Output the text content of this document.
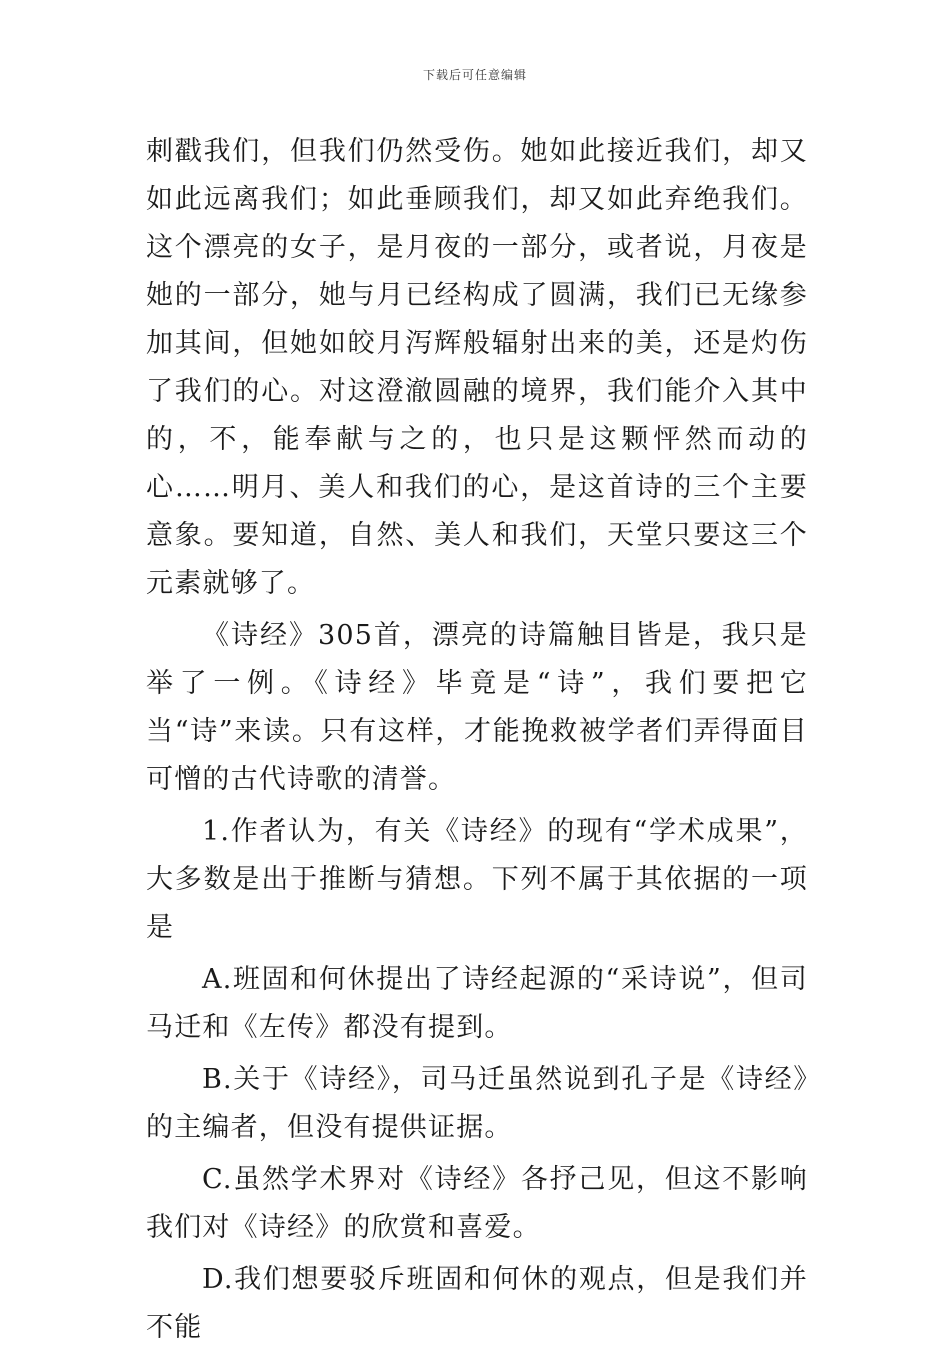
下载后可任意编辑

刺戳我们，但我们仍然受伤。她如此接近我们，却又如此远离我们；如此垂顾我们，却又如此弃绝我们。这个漂亮的女子，是月夜的一部分，或者说，月夜是她的一部分，她与月已经构成了圆满，我们已无缘参加其间，但她如皎月泻辉般辐射出来的美，还是灼伤了我们的心。对这澄澈圆融的境界，我们能介入其中的，不，能奉献与之的，也只是这颗怦然而动的心……明月、美人和我们的心，是这首诗的三个主要意象。要知道，自然、美人和我们，天堂只要这三个元素就够了。

《诗经》305首，漂亮的诗篇触目皆是，我只是举了一例。《诗经》毕竟是“诗”，我们要把它当“诗”来读。只有这样，才能挽救被学者们弄得面目可憎的古代诗歌的清誉。

1.作者认为，有关《诗经》的现有“学术成果”，大多数是出于推断与猜想。下列不属于其依据的一项是

A.班固和何休提出了诗经起源的“采诗说”，但司马迁和《左传》都没有提到。

B.关于《诗经》，司马迁虽然说到孔子是《诗经》的主编者，但没有提供证据。

C.虽然学术界对《诗经》各抒己见，但这不影响我们对《诗经》的欣赏和喜爱。

D.我们想要驳斥班固和何休的观点，但是我们并不能
